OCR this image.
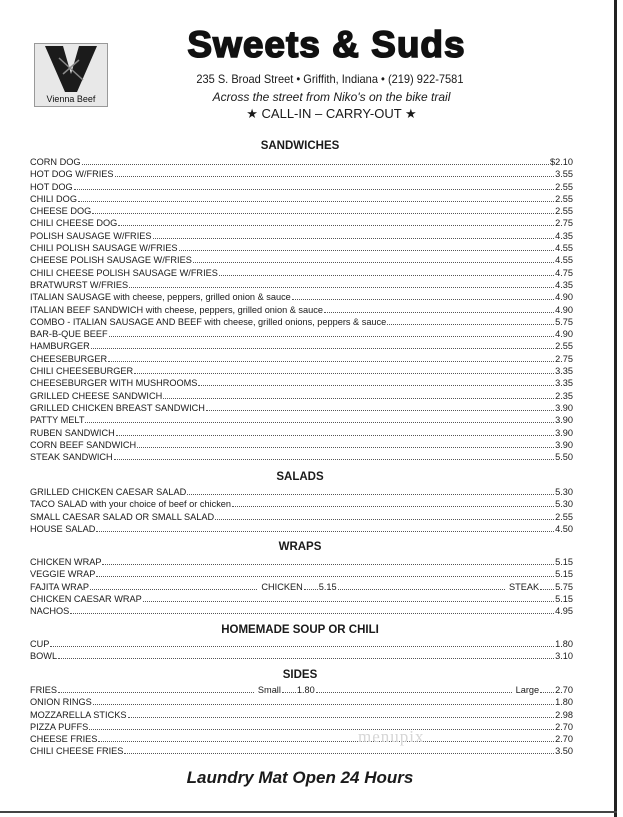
Vienna Beef
Sweets & Suds
235 S. Broad Street • Griffith, Indiana • (219) 922-7581
Across the street from Niko's on the bike trail
★ CALL-IN – CARRY-OUT ★
SANDWICHES
CORN DOG	$2.10
HOT DOG W/FRIES	3.55
HOT DOG	2.55
CHILI DOG	2.55
CHEESE DOG	2.55
CHILI CHEESE DOG	2.75
POLISH SAUSAGE W/FRIES	4.35
CHILI POLISH SAUSAGE W/FRIES	4.55
CHEESE POLISH SAUSAGE W/FRIES	4.55
CHILI CHEESE POLISH SAUSAGE W/FRIES	4.75
BRATWURST W/FRIES	4.35
ITALIAN SAUSAGE with cheese, peppers, grilled onion & sauce	4.90
ITALIAN BEEF SANDWICH with cheese, peppers, grilled onion & sauce	4.90
COMBO - ITALIAN SAUSAGE AND BEEF with cheese, grilled onions, peppers & sauce	5.75
BAR-B-QUE BEEF	4.90
HAMBURGER	2.55
CHEESEBURGER	2.75
CHILI CHEESEBURGER	3.35
CHEESEBURGER WITH MUSHROOMS	3.35
GRILLED CHEESE SANDWICH	2.35
GRILLED CHICKEN BREAST SANDWICH	3.90
PATTY MELT	3.90
RUBEN SANDWICH	3.90
CORN BEEF SANDWICH	3.90
STEAK SANDWICH	5.50
SALADS
GRILLED CHICKEN CAESAR SALAD	5.30
TACO SALAD with your choice of beef or chicken	5.30
SMALL CAESAR SALAD OR SMALL SALAD	2.55
HOUSE SALAD	4.50
WRAPS
CHICKEN WRAP	5.15
VEGGIE WRAP	5.15
FAJITA WRAP	CHICKEN 5.15	STEAK 5.75
CHICKEN CAESAR WRAP	5.15
NACHOS	4.95
HOMEMADE SOUP OR CHILI
CUP	1.80
BOWL	3.10
SIDES
FRIES	Small 1.80	Large 2.70
ONION RINGS	1.80
MOZZARELLA STICKS	2.98
PIZZA PUFFS	2.70
CHEESE FRIES	2.70
CHILI CHEESE FRIES	3.50
menupix
Laundry Mat Open 24 Hours
